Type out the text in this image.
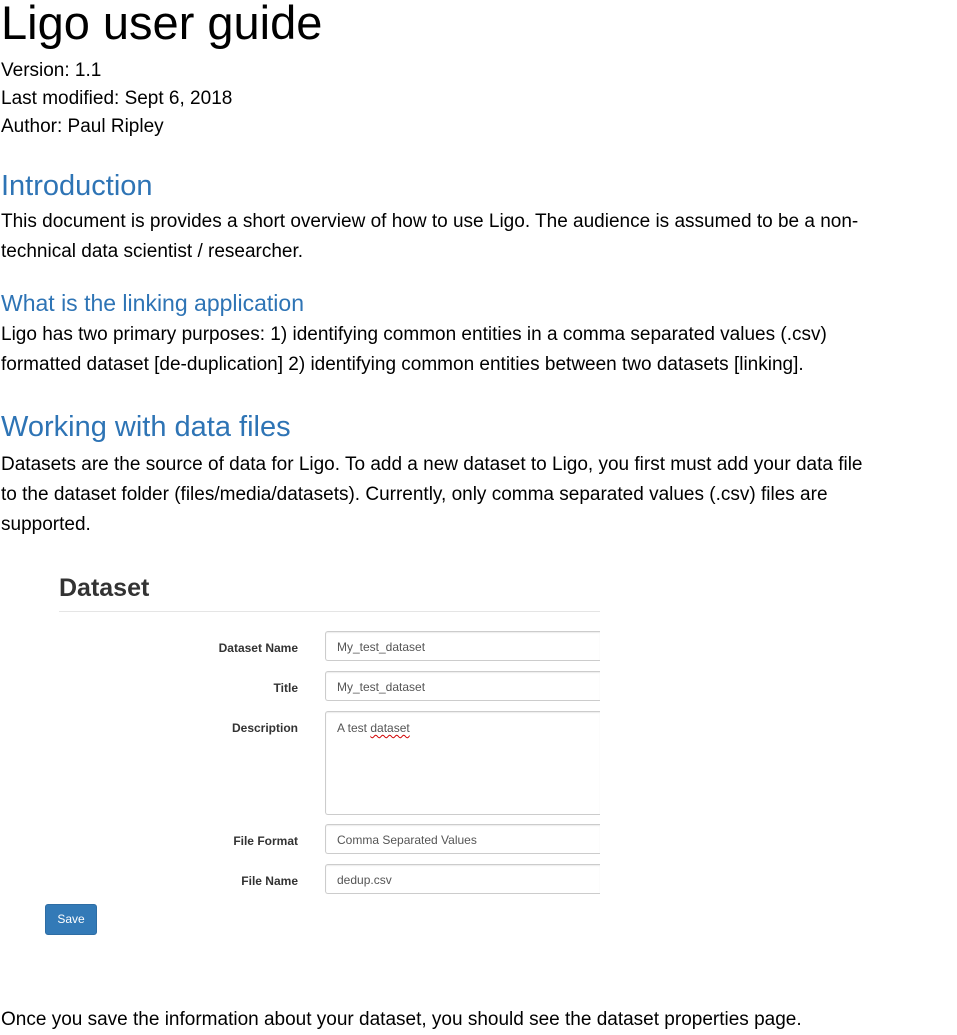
Ligo user guide

Version: 1.1

Last modified: Sept 6, 2018

Author: Paul Ripley

Introduction

This document is provides a short overview of how to use Ligo. The audience is assumed to be a non-
technical data scientist / researcher.

What is the linking application

Ligo has two primary purposes: 1) identifying common entities in a comma separated values (.csv)
formatted dataset [de-duplication] 2) identifying common entities between two datasets [linking].

Working with data files

Datasets are the source of data for Ligo. To add a new dataset to Ligo, you first must add your data file
to the dataset folder (files/media/datasets). Currently, only comma separated values (.csv) files are
supported.

Dataset
Dataset Name	My_test_dataset
Title	My_test_dataset
Description	A test dataset
File Format	Comma Separated Values
File Name	dedup.csv
Save

Once you save the information about your dataset, you should see the dataset properties page.
